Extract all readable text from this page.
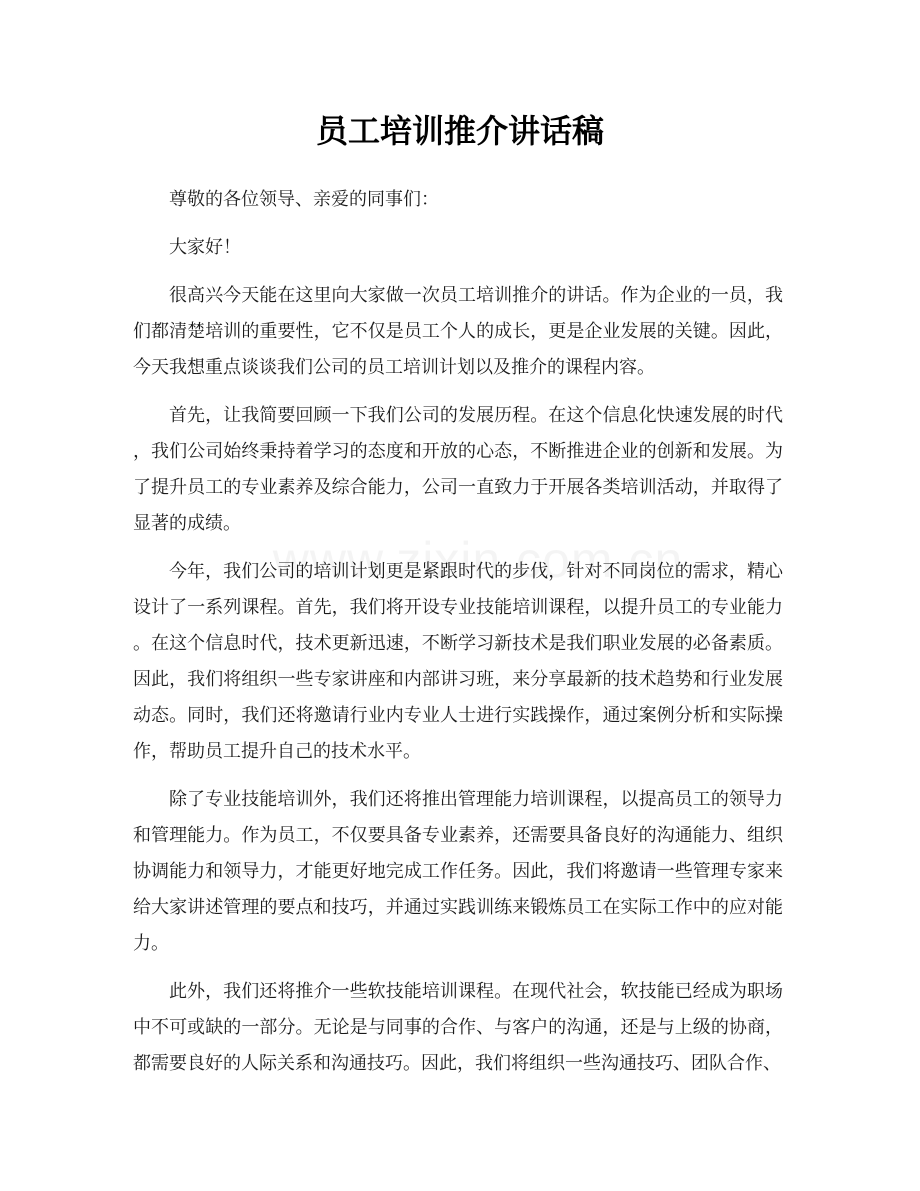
员工培训推介讲话稿

尊敬的各位领导、亲爱的同事们：

大家好！

很高兴今天能在这里向大家做一次员工培训推介的讲话。作为企业的一员，我们都清楚培训的重要性，它不仅是员工个人的成长，更是企业发展的关键。因此，今天我想重点谈谈我们公司的员工培训计划以及推介的课程内容。

首先，让我简要回顾一下我们公司的发展历程。在这个信息化快速发展的时代，我们公司始终秉持着学习的态度和开放的心态，不断推进企业的创新和发展。为了提升员工的专业素养及综合能力，公司一直致力于开展各类培训活动，并取得了显著的成绩。

今年，我们公司的培训计划更是紧跟时代的步伐，针对不同岗位的需求，精心设计了一系列课程。首先，我们将开设专业技能培训课程，以提升员工的专业能力。在这个信息时代，技术更新迅速，不断学习新技术是我们职业发展的必备素质。因此，我们将组织一些专家讲座和内部讲习班，来分享最新的技术趋势和行业发展动态。同时，我们还将邀请行业内专业人士进行实践操作，通过案例分析和实际操作，帮助员工提升自己的技术水平。

除了专业技能培训外，我们还将推出管理能力培训课程，以提高员工的领导力和管理能力。作为员工，不仅要具备专业素养，还需要具备良好的沟通能力、组织协调能力和领导力，才能更好地完成工作任务。因此，我们将邀请一些管理专家来给大家讲述管理的要点和技巧，并通过实践训练来锻炼员工在实际工作中的应对能力。

此外，我们还将推介一些软技能培训课程。在现代社会，软技能已经成为职场中不可或缺的一部分。无论是与同事的合作、与客户的沟通，还是与上级的协商，都需要良好的人际关系和沟通技巧。因此，我们将组织一些沟通技巧、团队合作、
